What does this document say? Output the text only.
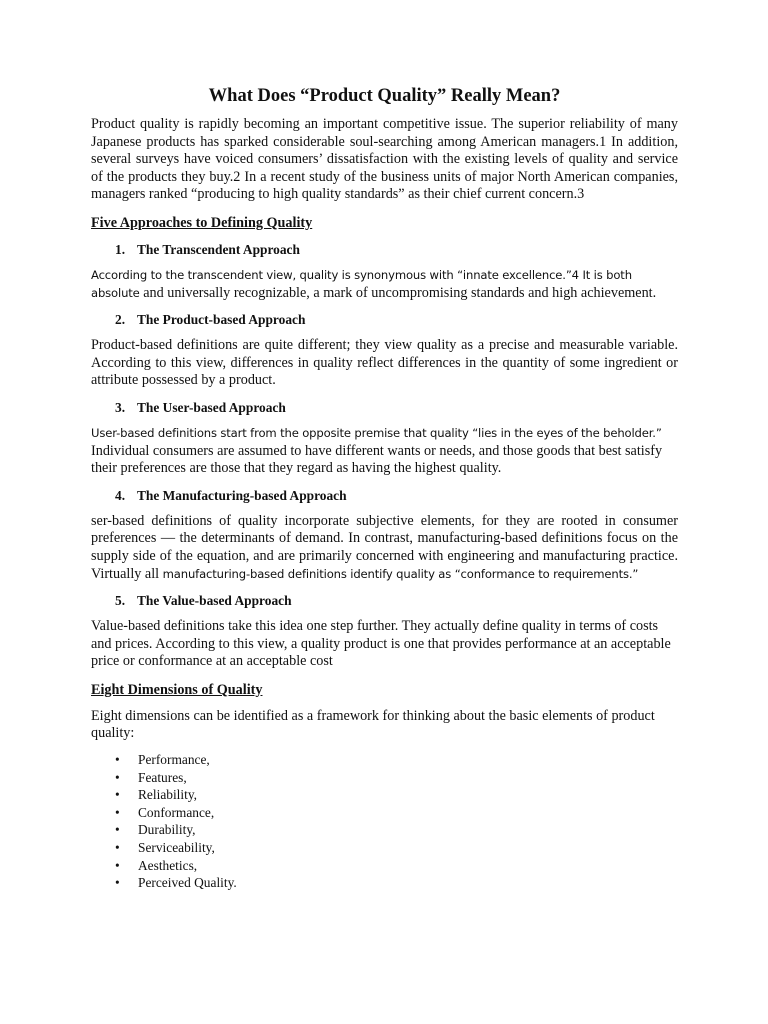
What Does “Product Quality” Really Mean?

Product quality is rapidly becoming an important competitive issue. The superior reliability of many Japanese products has sparked considerable soul-searching among American managers.1 In addition, several surveys have voiced consumers’ dissatisfaction with the existing levels of quality and service of the products they buy.2 In a recent study of the business units of major North American companies, managers ranked “producing to high quality standards” as their chief current concern.3

Five Approaches to Defining Quality
1. The Transcendent Approach

According to the transcendent view, quality is synonymous with “innate excellence.”4 It is both absolute and universally recognizable, a mark of uncompromising standards and high achievement.

2. The Product-based Approach

Product-based definitions are quite different; they view quality as a precise and measurable variable. According to this view, differences in quality reflect differences in the quantity of some ingredient or attribute possessed by a product.

3. The User-based Approach

User-based definitions start from the opposite premise that quality “lies in the eyes of the beholder.” Individual consumers are assumed to have different wants or needs, and those goods that best satisfy their preferences are those that they regard as having the highest quality.

4. The Manufacturing-based Approach

ser-based definitions of quality incorporate subjective elements, for they are rooted in consumer preferences — the determinants of demand. In contrast, manufacturing-based definitions focus on the supply side of the equation, and are primarily concerned with engineering and manufacturing practice. Virtually all manufacturing-based definitions identify quality as “conformance to requirements.”

5. The Value-based Approach

Value-based definitions take this idea one step further. They actually define quality in terms of costs and prices. According to this view, a quality product is one that provides performance at an acceptable price or conformance at an acceptable cost

Eight Dimensions of Quality

Eight dimensions can be identified as a framework for thinking about the basic elements of product quality:

• Performance,
• Features,
• Reliability,
• Conformance,
• Durability,
• Serviceability,
• Aesthetics,
• Perceived Quality.
